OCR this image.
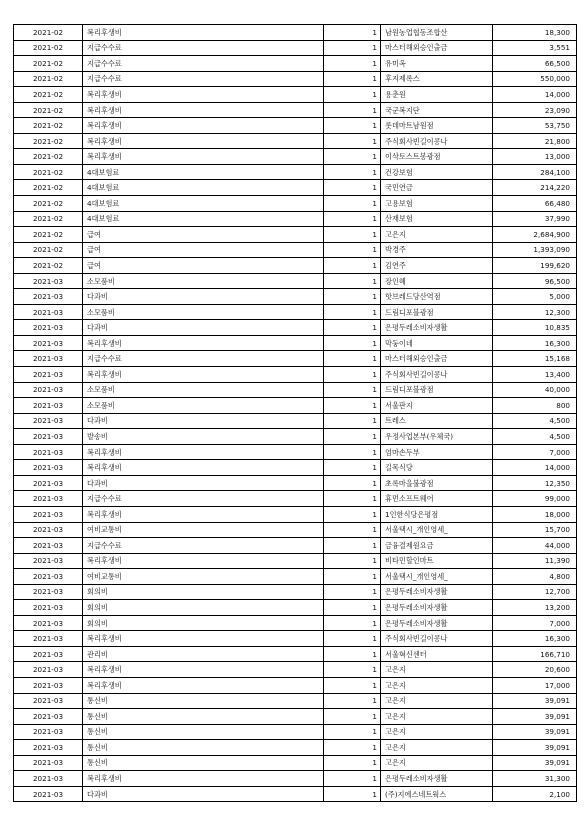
2021-02	복리후생비	1	남원농업협동조합산	18,300
2021-02	지급수수료	1	마스터해외승인출금	3,551
2021-02	지급수수료	1	유미옥	66,500
2021-02	지급수수료	1	후지제록스	550,000
2021-02	복리후생비	1	용춘원	14,000
2021-02	복리후생비	1	국군복지단	23,090
2021-02	복리후생비	1	롯데마트남원점	53,750
2021-02	복리후생비	1	주식회사빈길이콩나	21,800
2021-02	복리후생비	1	이삭토스트봉광점	13,000
2021-02	4대보험료	1	건강보험	284,100
2021-02	4대보험료	1	국민연금	214,220
2021-02	4대보험료	1	고용보험	66,480
2021-02	4대보험료	1	산재보험	37,990
2021-02	급여	1	고은지	2,684,900
2021-02	급여	1	박경주	1,393,090
2021-02	급여	1	김연주	199,620
2021-03	소모품비	1	장인혜	96,500
2021-03	다과비	1	핫브레드당산역점	5,000
2021-03	소모품비	1	드림디포블광점	12,300
2021-03	다과비	1	은평두레소비자생활	10,835
2021-03	복리후생비	1	막둥이네	16,300
2021-03	지급수수료	1	마스터해외승인출금	15,168
2021-03	복리후생비	1	주식회사빈길이콩나	13,400
2021-03	소모품비	1	드림디포블광점	40,000
2021-03	소모품비	1	서울판지	800
2021-03	다과비	1	트레스	4,500
2021-03	발송비	1	우정사업본부(우체국)	4,500
2021-03	복리후생비	1	엄마손두부	7,000
2021-03	복리후생비	1	길목식당	14,000
2021-03	다과비	1	초록마을불광점	12,350
2021-03	지급수수료	1	휴먼소프트웨어	99,000
2021-03	복리후생비	1	1인한식당은평점	18,000
2021-03	여비교통비	1	서울택시_개인영세_	15,700
2021-03	지급수수료	1	금융결제원요금	44,000
2021-03	복리후생비	1	비타민할인마트	11,390
2021-03	여비교통비	1	서울택시_개인영세_	4,800
2021-03	회의비	1	은평두레소비자생활	12,700
2021-03	회의비	1	은평두레소비자생활	13,200
2021-03	회의비	1	은평두레소비자생활	7,000
2021-03	복리후생비	1	주식회사빈길이콩나	16,300
2021-03	관리비	1	서울혁신센터	166,710
2021-03	복리후생비	1	고은지	20,600
2021-03	복리후생비	1	고은지	17,000
2021-03	통신비	1	고은지	39,091
2021-03	통신비	1	고은지	39,091
2021-03	통신비	1	고은지	39,091
2021-03	통신비	1	고은지	39,091
2021-03	통신비	1	고은지	39,091
2021-03	복리후생비	1	은평두레소비자생활	31,300
2021-03	다과비	1	(주)지에스네트웍스	2,100
